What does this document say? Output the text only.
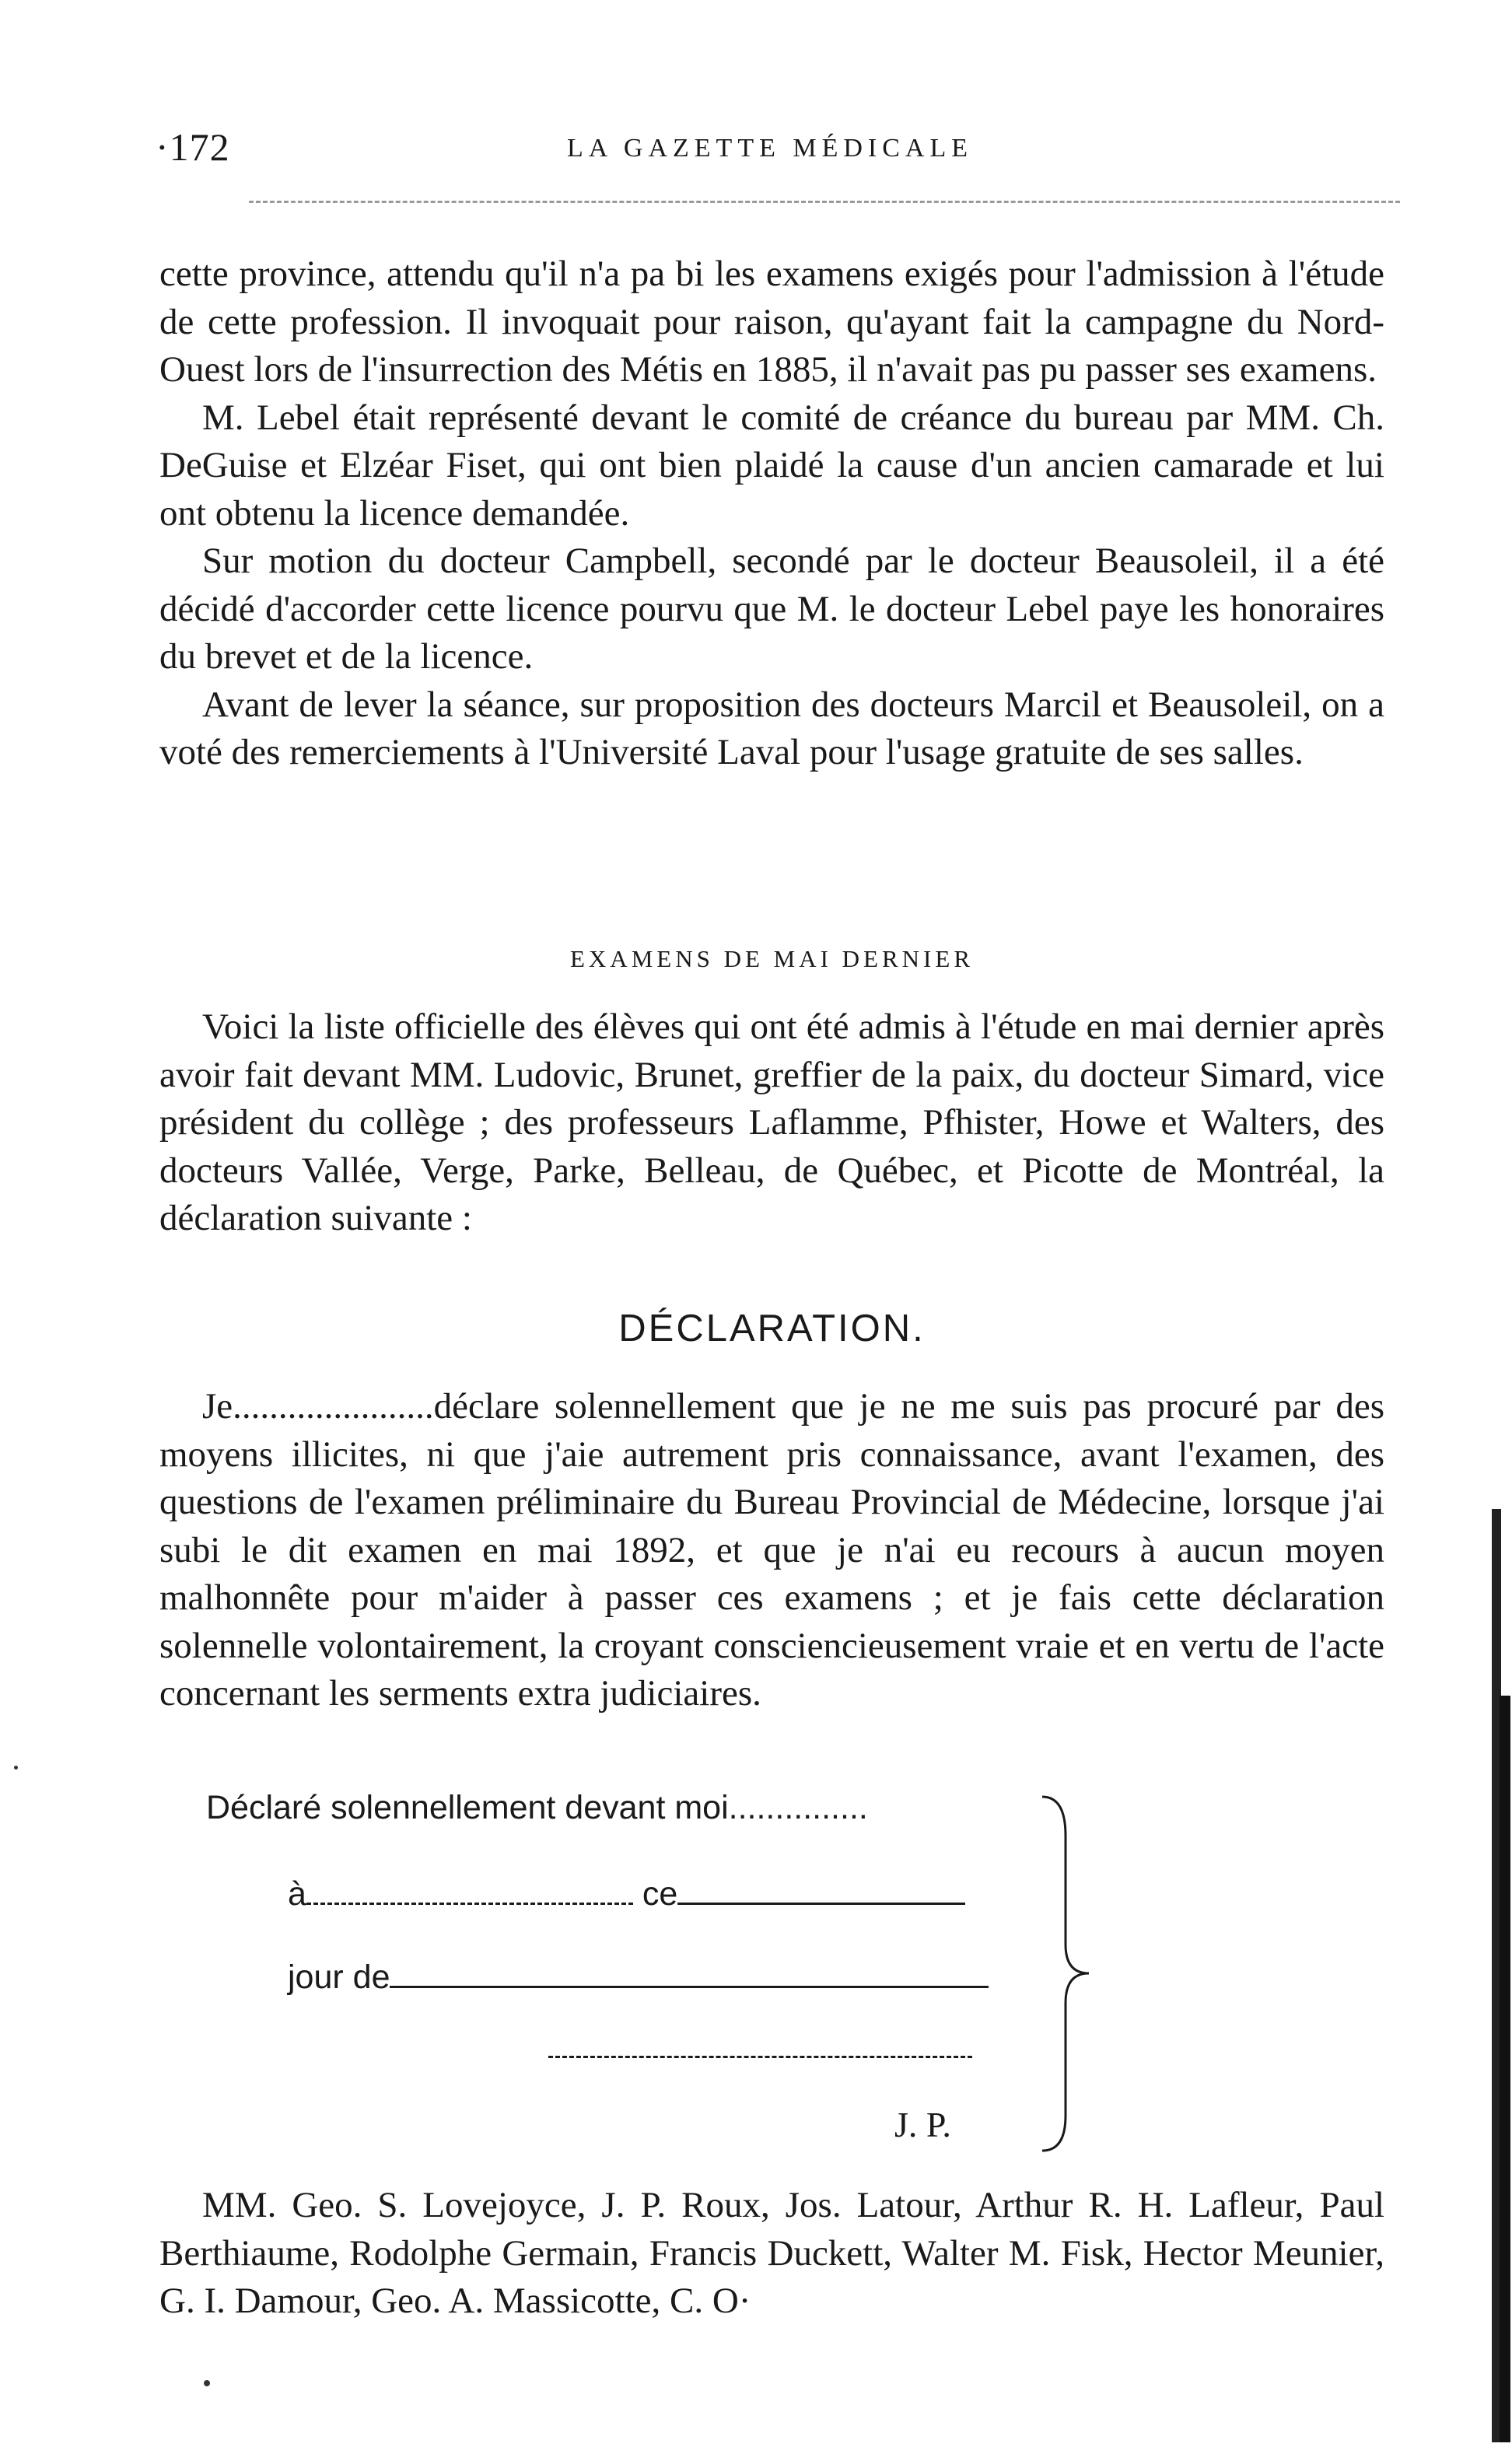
·172	LA GAZETTE MÉDICALE

cette province, attendu qu'il n'a pa bi les examens exigés pour l'admission à l'étude de cette profession. Il invoquait pour raison, qu'ayant fait la campagne du Nord-Ouest lors de l'insurrection des Métis en 1885, il n'avait pas pu passer ses examens.

M. Lebel était représenté devant le comité de créance du bureau par MM. Ch. DeGuise et Elzéar Fiset, qui ont bien plaidé la cause d'un ancien camarade et lui ont obtenu la licence demandée.

Sur motion du docteur Campbell, secondé par le docteur Beausoleil, il a été décidé d'accorder cette licence pourvu que M. le docteur Lebel paye les honoraires du brevet et de la licence.

Avant de lever la séance, sur proposition des docteurs Marcil et Beausoleil, on a voté des remerciements à l'Université Laval pour l'usage gratuite de ses salles.

EXAMENS DE MAI DERNIER

Voici la liste officielle des élèves qui ont été admis à l'étude en mai dernier après avoir fait devant MM. Ludovic, Brunet, greffier de la paix, du docteur Simard, vice président du collège ; des professeurs Laflamme, Pfhister, Howe et Walters, des docteurs Vallée, Verge, Parke, Belleau, de Québec, et Picotte de Montréal, la déclaration suivante :

DÉCLARATION.

Je......................déclare solennellement que je ne me suis pas procuré par des moyens illicites, ni que j'aie autrement pris connaissance, avant l'examen, des questions de l'examen préliminaire du Bureau Provincial de Médecine, lorsque j'ai subi le dit examen en mai 1892, et que je n'ai eu recours à aucun moyen malhonnête pour m'aider à passer ces examens ; et je fais cette déclaration solennelle volontairement, la croyant consciencieusement vraie et en vertu de l'acte concernant les serments extra judiciaires.

Déclaré solennellement devant moi...............
à	ce
jour de
J. P.
MM. Geo. S. Lovejoyce, J. P. Roux, Jos. Latour, Arthur R. H. Lafleur, Paul Berthiaume, Rodolphe Germain, Francis Duckett, Walter M. Fisk, Hector Meunier, G. I. Damour, Geo. A. Massicotte, C. O·
